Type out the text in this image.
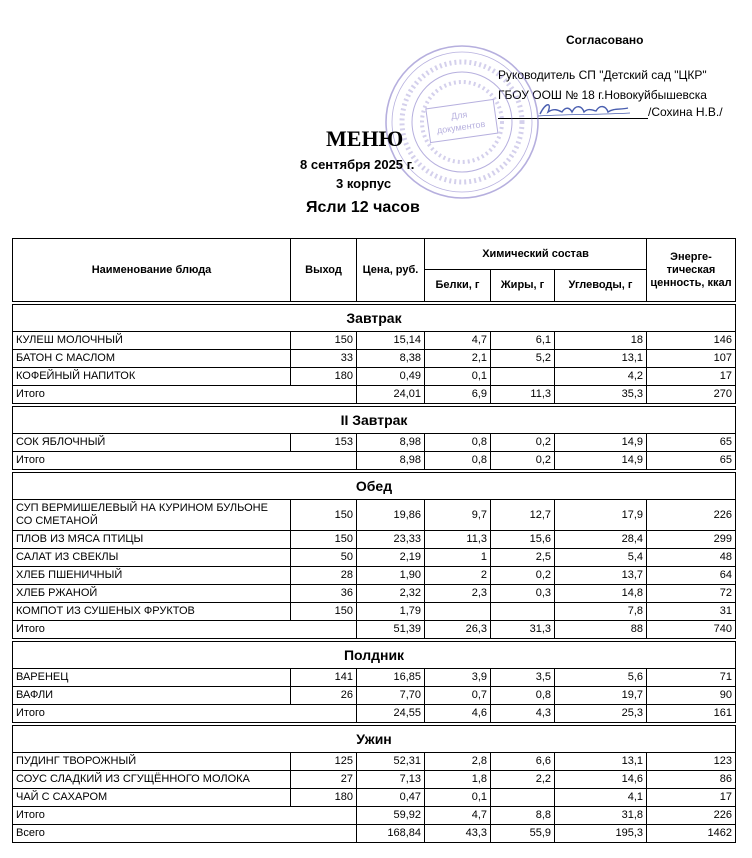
Согласовано
Руководитель СП "Детский сад "ЦКР"
ГБОУ ООШ № 18 г.Новокуйбышевска
/Сохина Н.В./
Для
документов
МЕНЮ
8 сентября 2025 г.
3 корпус
Ясли 12 часов
Наименование блюда	Выход	Цена, руб.	Химический состав			Энерге-тическая ценность, ккал
			Белки, г	Жиры, г	Углеводы, г	

Завтрак						
КУЛЕШ МОЛОЧНЫЙ	150	15,14	4,7	6,1	18	146
БАТОН С МАСЛОМ	33	8,38	2,1	5,2	13,1	107
КОФЕЙНЫЙ НАПИТОК	180	0,49	0,1		4,2	17
Итого		24,01	6,9	11,3	35,3	270

II Завтрак						
СОК ЯБЛОЧНЫЙ	153	8,98	0,8	0,2	14,9	65
Итого		8,98	0,8	0,2	14,9	65

Обед						
СУП ВЕРМИШЕЛЕВЫЙ НА КУРИНОМ БУЛЬОНЕ СО СМЕТАНОЙ	150	19,86	9,7	12,7	17,9	226
ПЛОВ ИЗ МЯСА ПТИЦЫ	150	23,33	11,3	15,6	28,4	299
САЛАТ ИЗ СВЕКЛЫ	50	2,19	1	2,5	5,4	48
ХЛЕБ ПШЕНИЧНЫЙ	28	1,90	2	0,2	13,7	64
ХЛЕБ РЖАНОЙ	36	2,32	2,3	0,3	14,8	72
КОМПОТ ИЗ СУШЕНЫХ ФРУКТОВ	150	1,79			7,8	31
Итого		51,39	26,3	31,3	88	740

Полдник						
ВАРЕНЕЦ	141	16,85	3,9	3,5	5,6	71
ВАФЛИ	26	7,70	0,7	0,8	19,7	90
Итого		24,55	4,6	4,3	25,3	161

Ужин						
ПУДИНГ ТВОРОЖНЫЙ	125	52,31	2,8	6,6	13,1	123
СОУС СЛАДКИЙ ИЗ СГУЩЁННОГО МОЛОКА	27	7,13	1,8	2,2	14,6	86
ЧАЙ С САХАРОМ	180	0,47	0,1		4,1	17
Итого		59,92	4,7	8,8	31,8	226
Всего		168,84	43,3	55,9	195,3	1462
